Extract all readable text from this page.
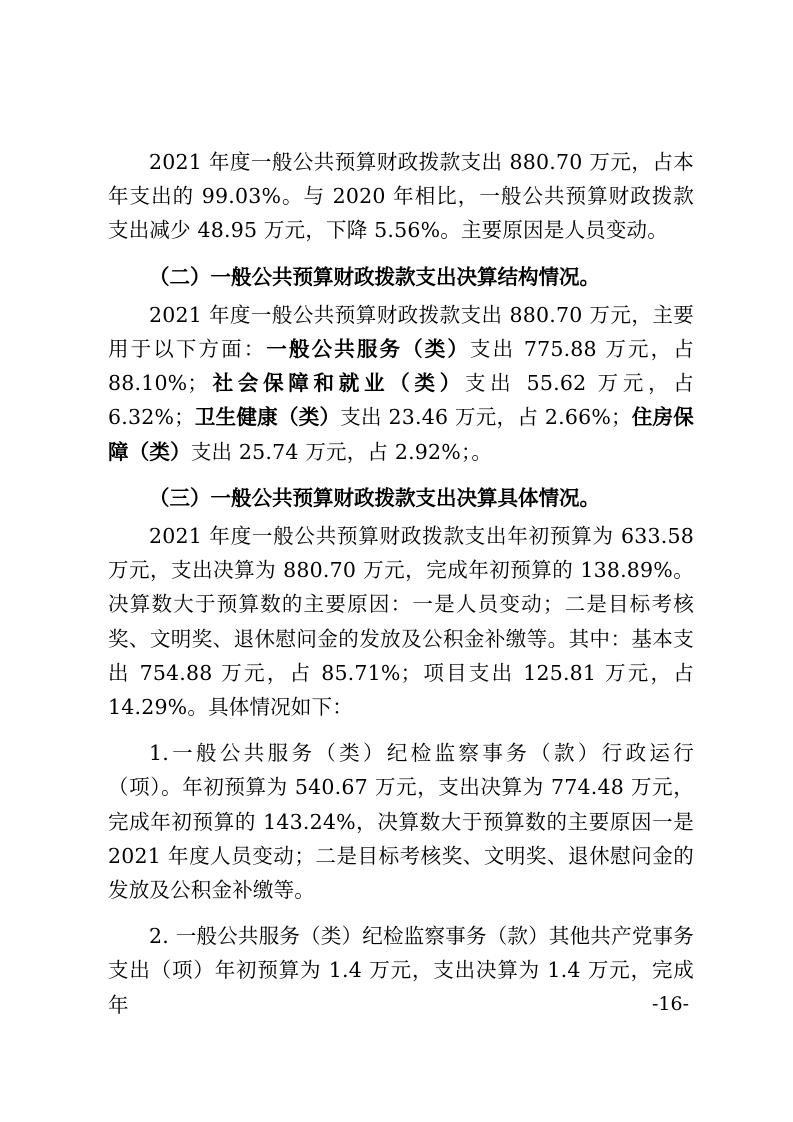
2021 年度一般公共预算财政拨款支出 880.70 万元，占本年支出的 99.03%。与 2020 年相比，一般公共预算财政拨款支出减少 48.95 万元，下降 5.56%。主要原因是人员变动。

（二）一般公共预算财政拨款支出决算结构情况。

2021 年度一般公共预算财政拨款支出 880.70 万元，主要用于以下方面：一般公共服务（类）支出 775.88 万元，占 88.10%；社会保障和就业（类）支出 55.62 万元，占 6.32%；卫生健康（类）支出 23.46 万元，占 2.66%；住房保障（类）支出 25.74 万元，占 2.92%；。

（三）一般公共预算财政拨款支出决算具体情况。

2021 年度一般公共预算财政拨款支出年初预算为 633.58 万元，支出决算为 880.70 万元，完成年初预算的 138.89%。决算数大于预算数的主要原因：一是人员变动；二是目标考核奖、文明奖、退休慰问金的发放及公积金补缴等。其中：基本支出 754.88 万元，占 85.71%；项目支出 125.81 万元，占 14.29%。具体情况如下：

1.一般公共服务（类）纪检监察事务（款）行政运行（项）。年初预算为 540.67 万元，支出决算为 774.48 万元，完成年初预算的 143.24%，决算数大于预算数的主要原因一是 2021 年度人员变动；二是目标考核奖、文明奖、退休慰问金的发放及公积金补缴等。

2. 一般公共服务（类）纪检监察事务（款）其他共产党事务支出（项）年初预算为 1.4 万元，支出决算为 1.4 万元，完成年	-16-
